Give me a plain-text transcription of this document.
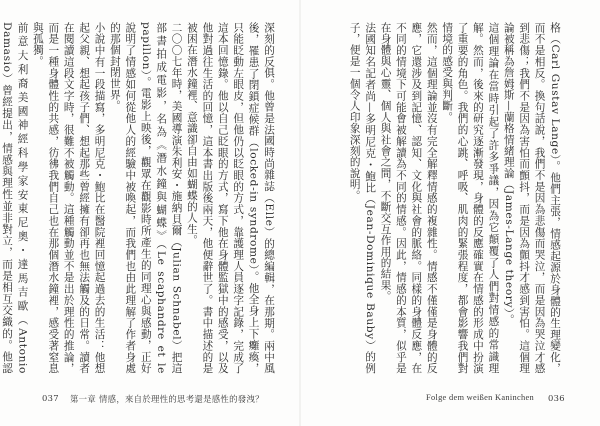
深刻的反俱。他曾是法國時尚雜誌（Elle）的總編輯，在那期。兩中風後，罹患了閉鎖症候群（locked-in syndrome）。他全身上下癱瘓，只能眨動左眼皮，但他仍以眨眼的方式，靠護理人員逐字記錄，完成了這本回憶錄。他以自己眨眼的方式，寫下他在身體監獄中的感受，以及他對過往生活的回憶，這本書出版後兩天，他便辭世了。書中描述的是被困在潛水鐘裡、意識卻自由如蝴蝶的人生。

二〇〇七年時，美國導演朱利安・施納貝爾（Julian Schnabel）把這部書拍成電影，名為《潛水鐘與蝴蝶》（Le scaphandre et le papillon）。電影上映後，觀眾在觀影時所產生的同理心與感動，正好說明了情感如何從他人的經驗中被喚起，而我們也由此理解了作者身處的那個封閉世界。

小說中有一段描寫，多明尼克・鮑比在醫院裡回憶起過去的生活：他想起父親、想起孩子們、想起那些曾經擁有卻再也無法觸及的日常。讀者在閱讀這段文字時，很難不被觸動。這種觸動並不是出於理性的推論，而是一種身體性的共感，彷彿我們自己也在那個潛水鐘裡，感受著窒息與孤獨。

前意大利裔美國神經科學家安東尼奧・達馬吉歐（Antonio Damasio）曾經提出，情感與理性並非對立，而是相互交織的。他認

037 第一章 情感，來自於理性的思考還是感性的發洩？

格（Carl Gustav Lange）。他們主張，情感起源於身體的生理變化，而不是相反。換句話說，我們不是因為悲傷而哭泣，而是因為哭泣才感到悲傷；我們不是因為害怕而顫抖，而是因為顫抖才感到害怕。這個理論被稱為詹姆斯—蘭格情緒理論（James-Lange theory）。

這個理論在當時引起了許多爭議，因為它顛覆了人們對情感的常識理解。然而，後來的研究逐漸發現，身體的反應確實在情感的形成中扮演了重要的角色。我們的心跳、呼吸、肌肉的緊張程度，都會影響我們對情境的感受與判斷。

然而，這個理論並沒有完全解釋情感的複雜性。情感不僅僅是身體的反應，它還涉及到記憶、認知、文化與社會的脈絡。同樣的身體反應，在不同的情境下可能會被解讀為不同的情感。因此，情感的本質，似乎是在身體與心靈、個人與社會之間，不斷交互作用的結果。

法國知名記者尚—多明尼克・鮑比（Jean-Dominique Bauby）的例子，便是一個令人印象深刻的說明。

Folge dem weißen Kaninchen 036
